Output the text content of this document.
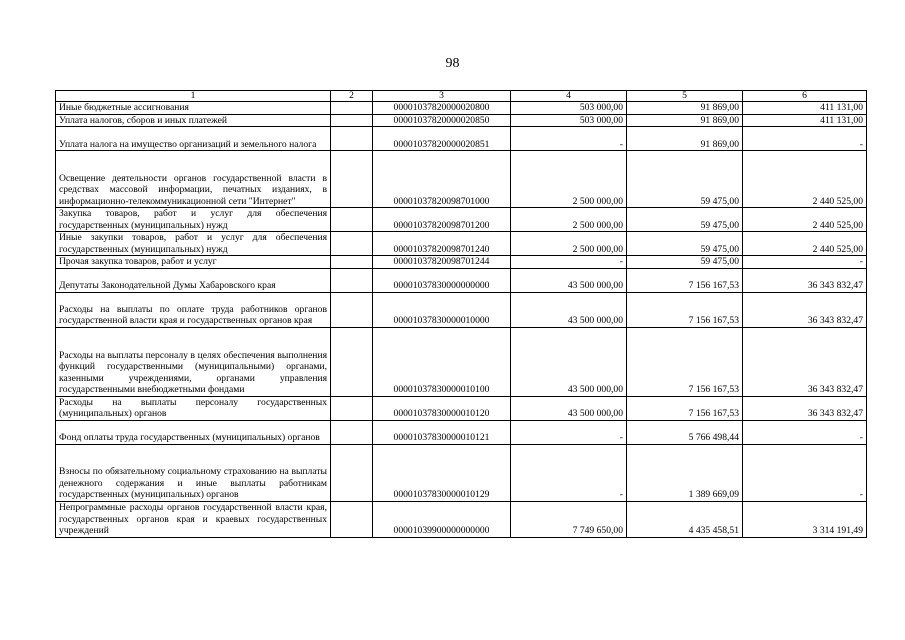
98
1	2	3	4	5	6
Иные бюджетные ассигнования		00001037820000020800	503 000,00	91 869,00	411 131,00
Уплата налогов, сборов и иных платежей		00001037820000020850	503 000,00	91 869,00	411 131,00
Уплата налога на имущество организаций и земельного налога		00001037820000020851	-	91 869,00	-
Освещение деятельности органов государственной власти в средствах массовой информации, печатных изданиях, в информационно-телекоммуникационной сети "Интернет"		00001037820098701000	2 500 000,00	59 475,00	2 440 525,00
Закупка товаров, работ и услуг для обеспечения государственных (муниципальных) нужд		00001037820098701200	2 500 000,00	59 475,00	2 440 525,00
Иные закупки товаров, работ и услуг для обеспечения государственных (муниципальных) нужд		00001037820098701240	2 500 000,00	59 475,00	2 440 525,00
Прочая закупка товаров, работ и услуг		00001037820098701244	-	59 475,00	-
Депутаты Законодательной Думы Хабаровского края		00001037830000000000	43 500 000,00	7 156 167,53	36 343 832,47
Расходы на выплаты по оплате труда работников органов государственной власти края и государственных органов края		00001037830000010000	43 500 000,00	7 156 167,53	36 343 832,47
Расходы на выплаты персоналу в целях обеспечения выполнения функций государственными (муниципальными) органами, казенными учреждениями, органами управления государственными внебюджетными фондами		00001037830000010100	43 500 000,00	7 156 167,53	36 343 832,47
Расходы на выплаты персоналу государственных (муниципальных) органов		00001037830000010120	43 500 000,00	7 156 167,53	36 343 832,47
Фонд оплаты труда государственных (муниципальных) органов		00001037830000010121	-	5 766 498,44	-
Взносы по обязательному социальному страхованию на выплаты денежного содержания и иные выплаты работникам государственных (муниципальных) органов		00001037830000010129	-	1 389 669,09	-
Непрограммные расходы органов государственной власти края, государственных органов края и краевых государственных учреждений		00001039900000000000	7 749 650,00	4 435 458,51	3 314 191,49
